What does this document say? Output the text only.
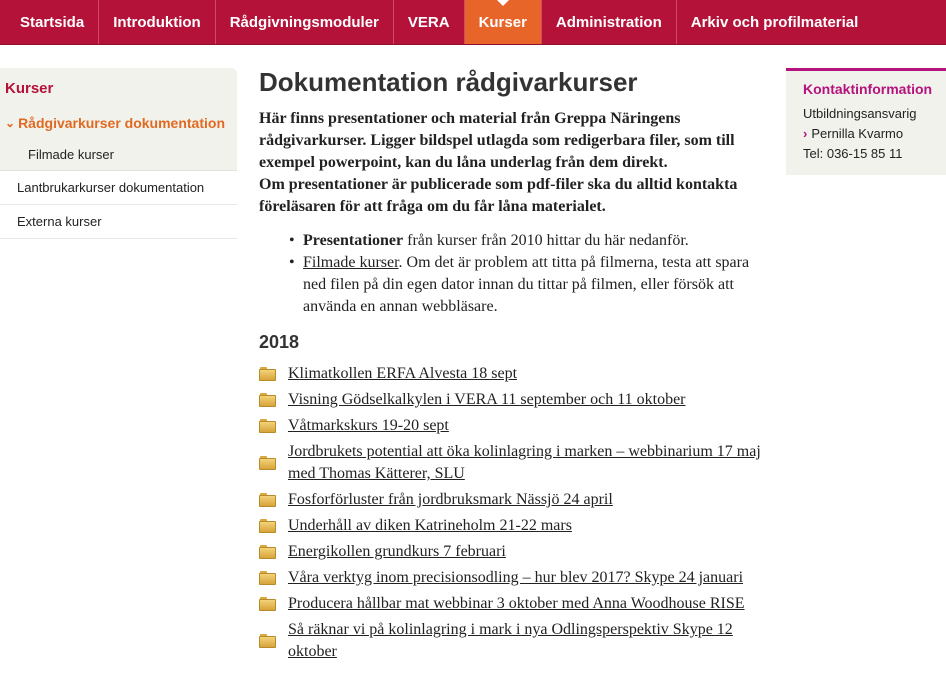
Startsida Introduktion Rådgivningsmoduler VERA Kurser Administration Arkiv och profilmaterial
Kurser
⌄ Rådgivarkurser dokumentation
Filmade kurser
Lantbrukarkurser dokumentation
Externa kurser
Dokumentation rådgivarkurser

Här finns presentationer och material från Greppa Näringens rådgivarkurser. Ligger bildspel utlagda som redigerbara filer, som till exempel powerpoint, kan du låna underlag från dem direkt.
Om presentationer är publicerade som pdf-filer ska du alltid kontakta föreläsaren för att fråga om du får låna materialet.

• Presentationer från kurser från 2010 hittar du här nedanför.
• Filmade kurser. Om det är problem att titta på filmerna, testa att spara ned filen på din egen dator innan du tittar på filmen, eller försök att använda en annan webbläsare.
2018
Klimatkollen ERFA Alvesta 18 sept
Visning Gödselkalkylen i VERA 11 september och 11 oktober
Våtmarkskurs 19-20 sept
Jordbrukets potential att öka kolinlagring i marken – webbinarium 17 maj med Thomas Kätterer, SLU
Fosforförluster från jordbruksmark Nässjö 24 april
Underhåll av diken Katrineholm 21-22 mars
Energikollen grundkurs 7 februari
Våra verktyg inom precisionsodling – hur blev 2017? Skype 24 januari
Producera hållbar mat webbinar 3 oktober med Anna Woodhouse RISE
Så räknar vi på kolinlagring i mark i nya Odlingsperspektiv Skype 12 oktober
Kontaktinformation
Utbildningsansvarig
› Pernilla Kvarmo
Tel: 036-15 85 11
